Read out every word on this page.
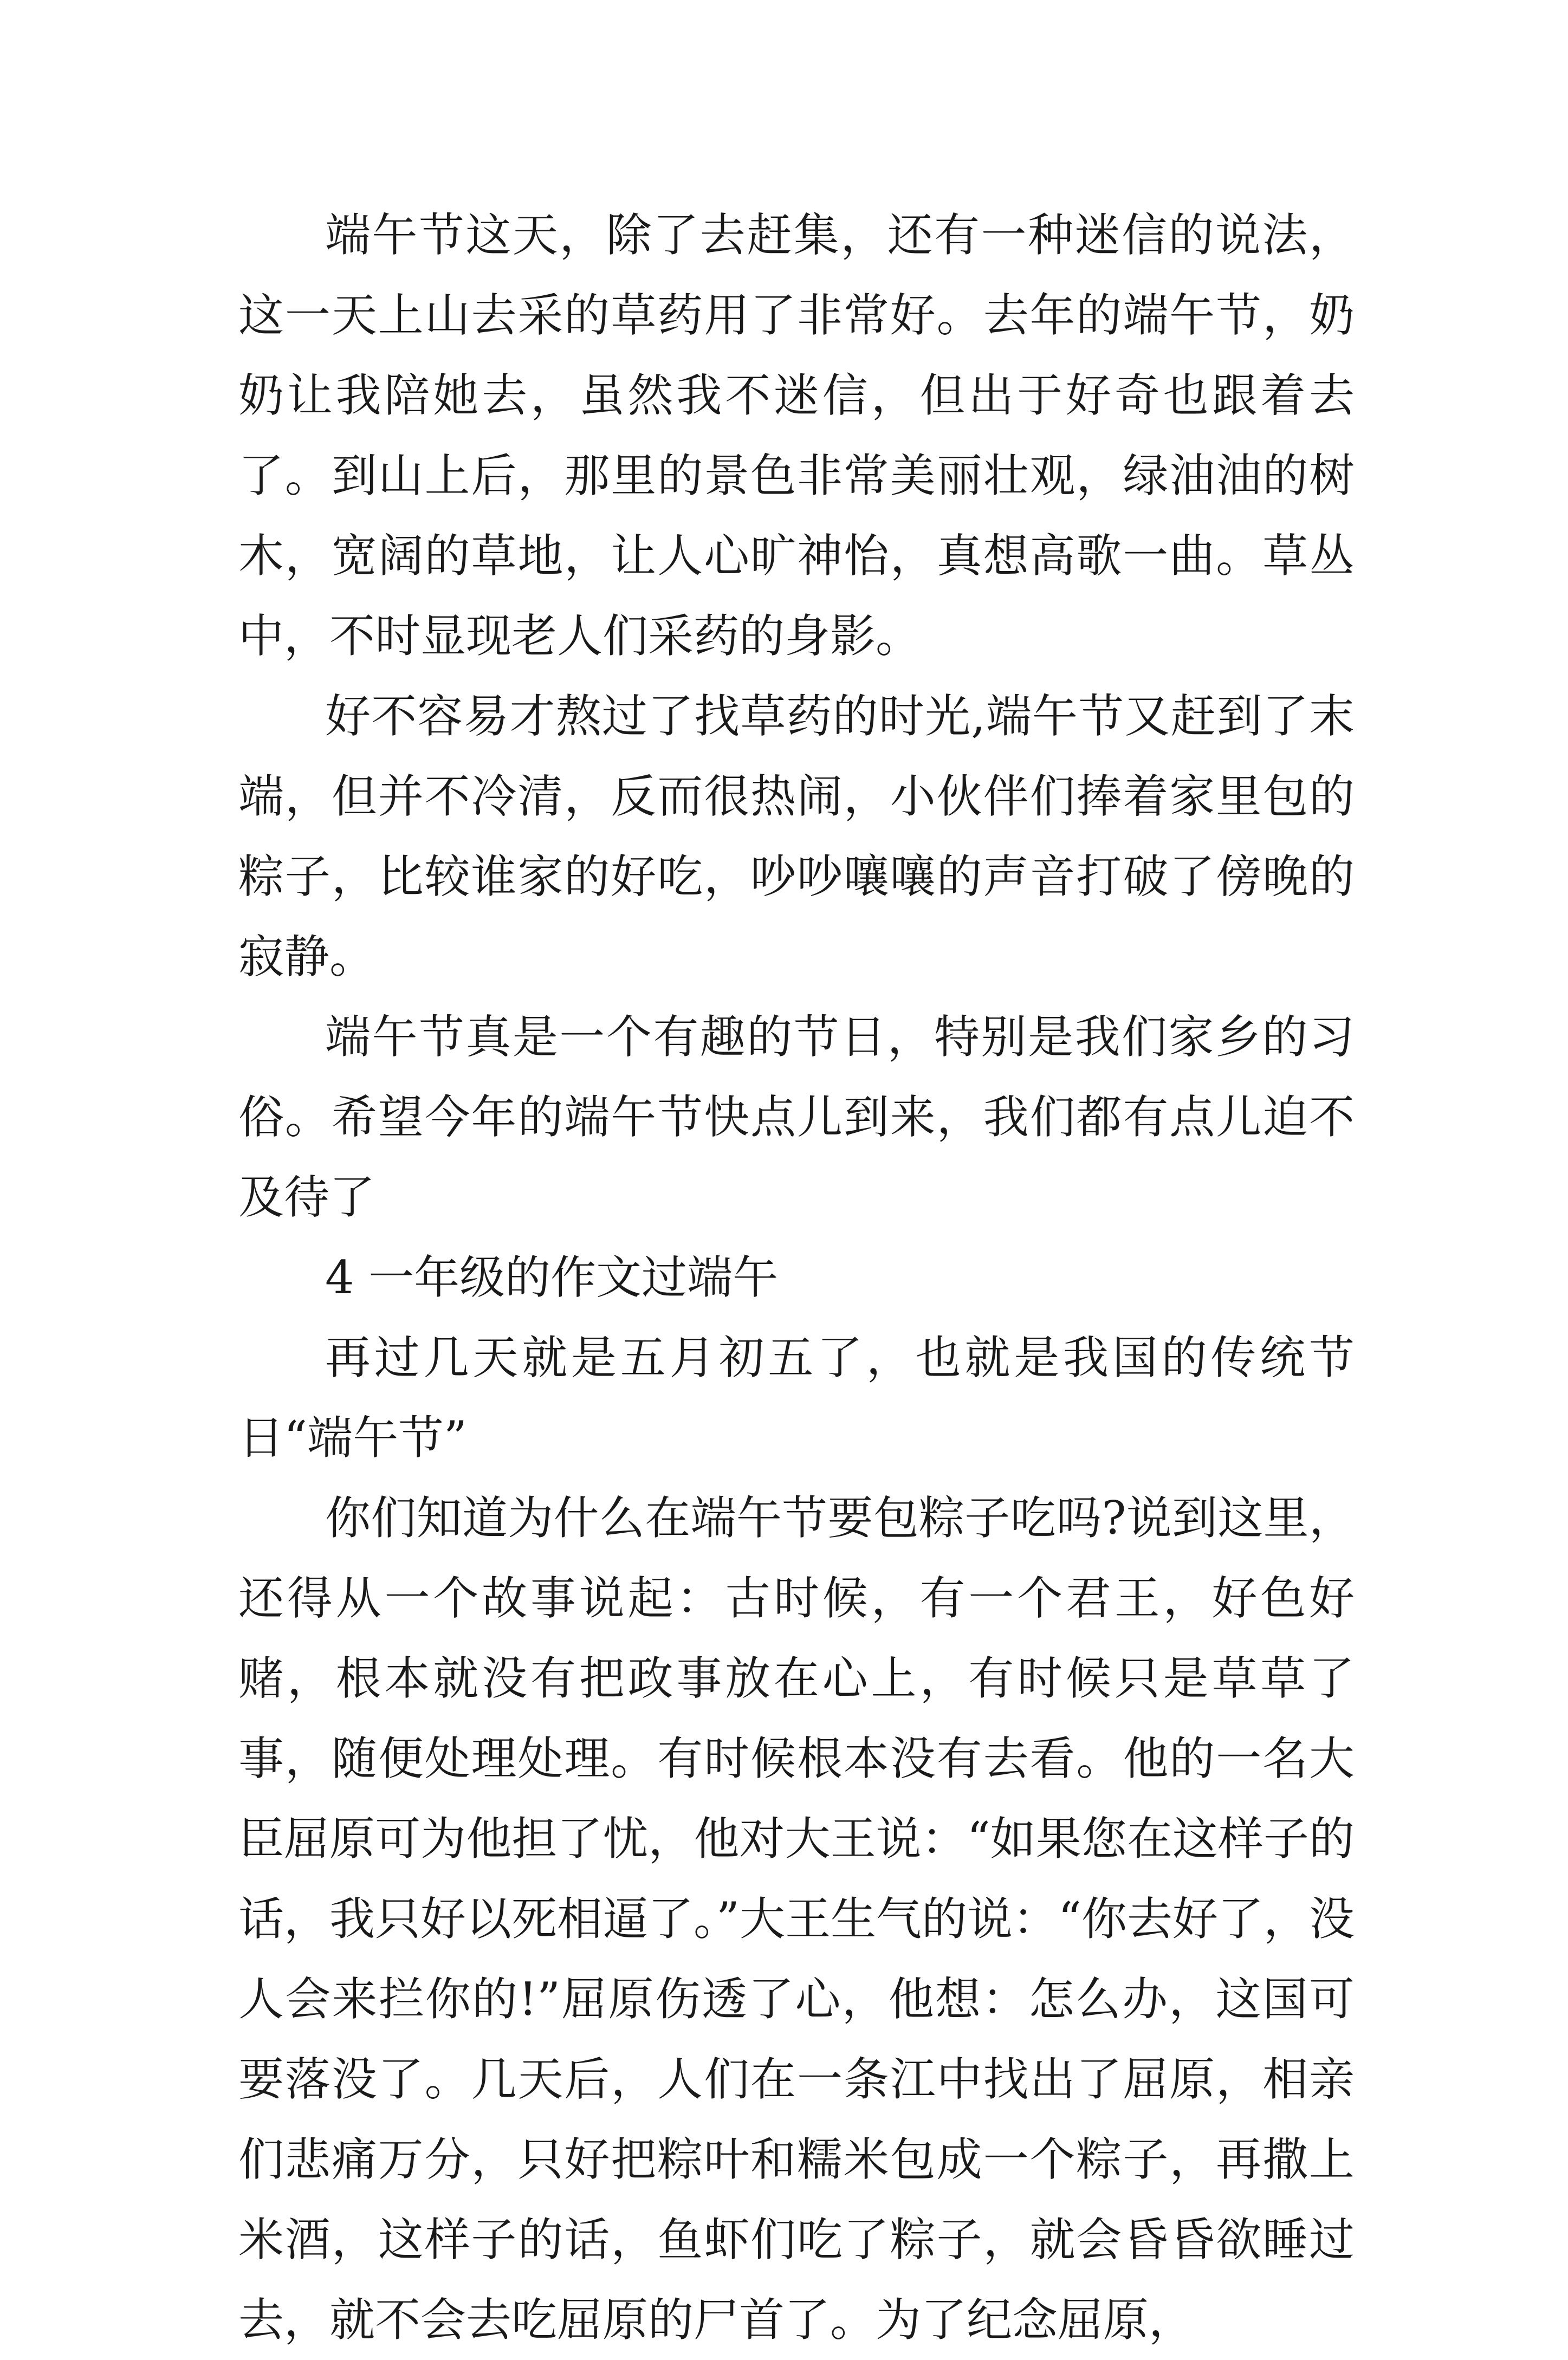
端午节这天，除了去赶集，还有一种迷信的说法，这一天上山去采的草药用了非常好。去年的端午节，奶奶让我陪她去，虽然我不迷信，但出于好奇也跟着去了。到山上后，那里的景色非常美丽壮观，绿油油的树木，宽阔的草地，让人心旷神怡，真想高歌一曲。草丛中，不时显现老人们采药的身影。

好不容易才熬过了找草药的时光,端午节又赶到了末端，但并不冷清，反而很热闹，小伙伴们捧着家里包的粽子，比较谁家的好吃，吵吵嚷嚷的声音打破了傍晚的寂静。

端午节真是一个有趣的节日，特别是我们家乡的习俗。希望今年的端午节快点儿到来，我们都有点儿迫不及待了

4 一年级的作文过端午

再过几天就是五月初五了，也就是我国的传统节日“端午节”

你们知道为什么在端午节要包粽子吃吗?说到这里，还得从一个故事说起：古时候，有一个君王，好色好赌，根本就没有把政事放在心上，有时候只是草草了事，随便处理处理。有时候根本没有去看。他的一名大臣屈原可为他担了忧，他对大王说：“如果您在这样子的话，我只好以死相逼了。”大王生气的说：“你去好了，没人会来拦你的!”屈原伤透了心，他想：怎么办，这国可要落没了。几天后，人们在一条江中找出了屈原，相亲们悲痛万分，只好把粽叶和糯米包成一个粽子，再撒上米酒，这样子的话，鱼虾们吃了粽子，就会昏昏欲睡过去，就不会去吃屈原的尸首了。为了纪念屈原，
